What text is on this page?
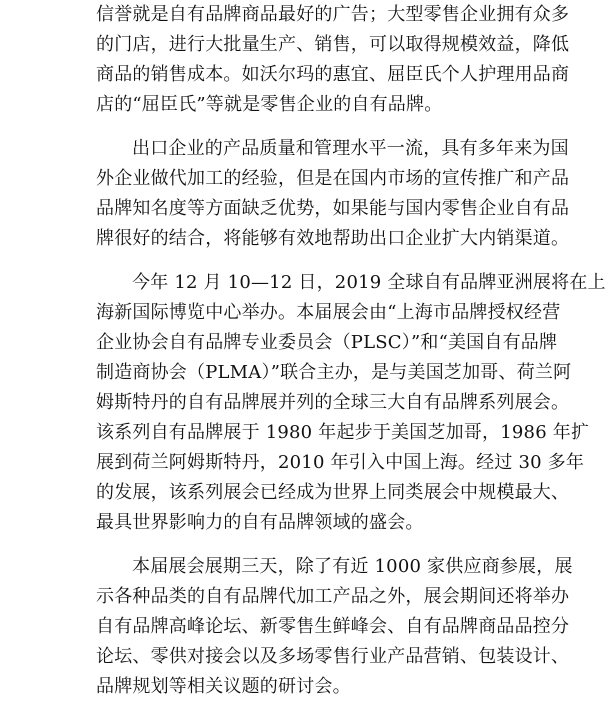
信誉就是自有品牌商品最好的广告；大型零售企业拥有众多
的门店，进行大批量生产、销售，可以取得规模效益，降低
商品的销售成本。如沃尔玛的惠宜、屈臣氏个人护理用品商
店的“屈臣氏”等就是零售企业的自有品牌。
出口企业的产品质量和管理水平一流，具有多年来为国
外企业做代加工的经验，但是在国内市场的宣传推广和产品
品牌知名度等方面缺乏优势，如果能与国内零售企业自有品
牌很好的结合，将能够有效地帮助出口企业扩大内销渠道。
今年 12 月 10—12 日，2019 全球自有品牌亚洲展将在上
海新国际博览中心举办。本届展会由“上海市品牌授权经营
企业协会自有品牌专业委员会（PLSC）”和“美国自有品牌
制造商协会（PLMA）”联合主办，是与美国芝加哥、荷兰阿
姆斯特丹的自有品牌展并列的全球三大自有品牌系列展会。
该系列自有品牌展于 1980 年起步于美国芝加哥，1986 年扩
展到荷兰阿姆斯特丹，2010 年引入中国上海。经过 30 多年
的发展，该系列展会已经成为世界上同类展会中规模最大、
最具世界影响力的自有品牌领域的盛会。
本届展会展期三天，除了有近 1000 家供应商参展，展
示各种品类的自有品牌代加工产品之外，展会期间还将举办
自有品牌高峰论坛、新零售生鲜峰会、自有品牌商品品控分
论坛、零供对接会以及多场零售行业产品营销、包装设计、
品牌规划等相关议题的研讨会。
